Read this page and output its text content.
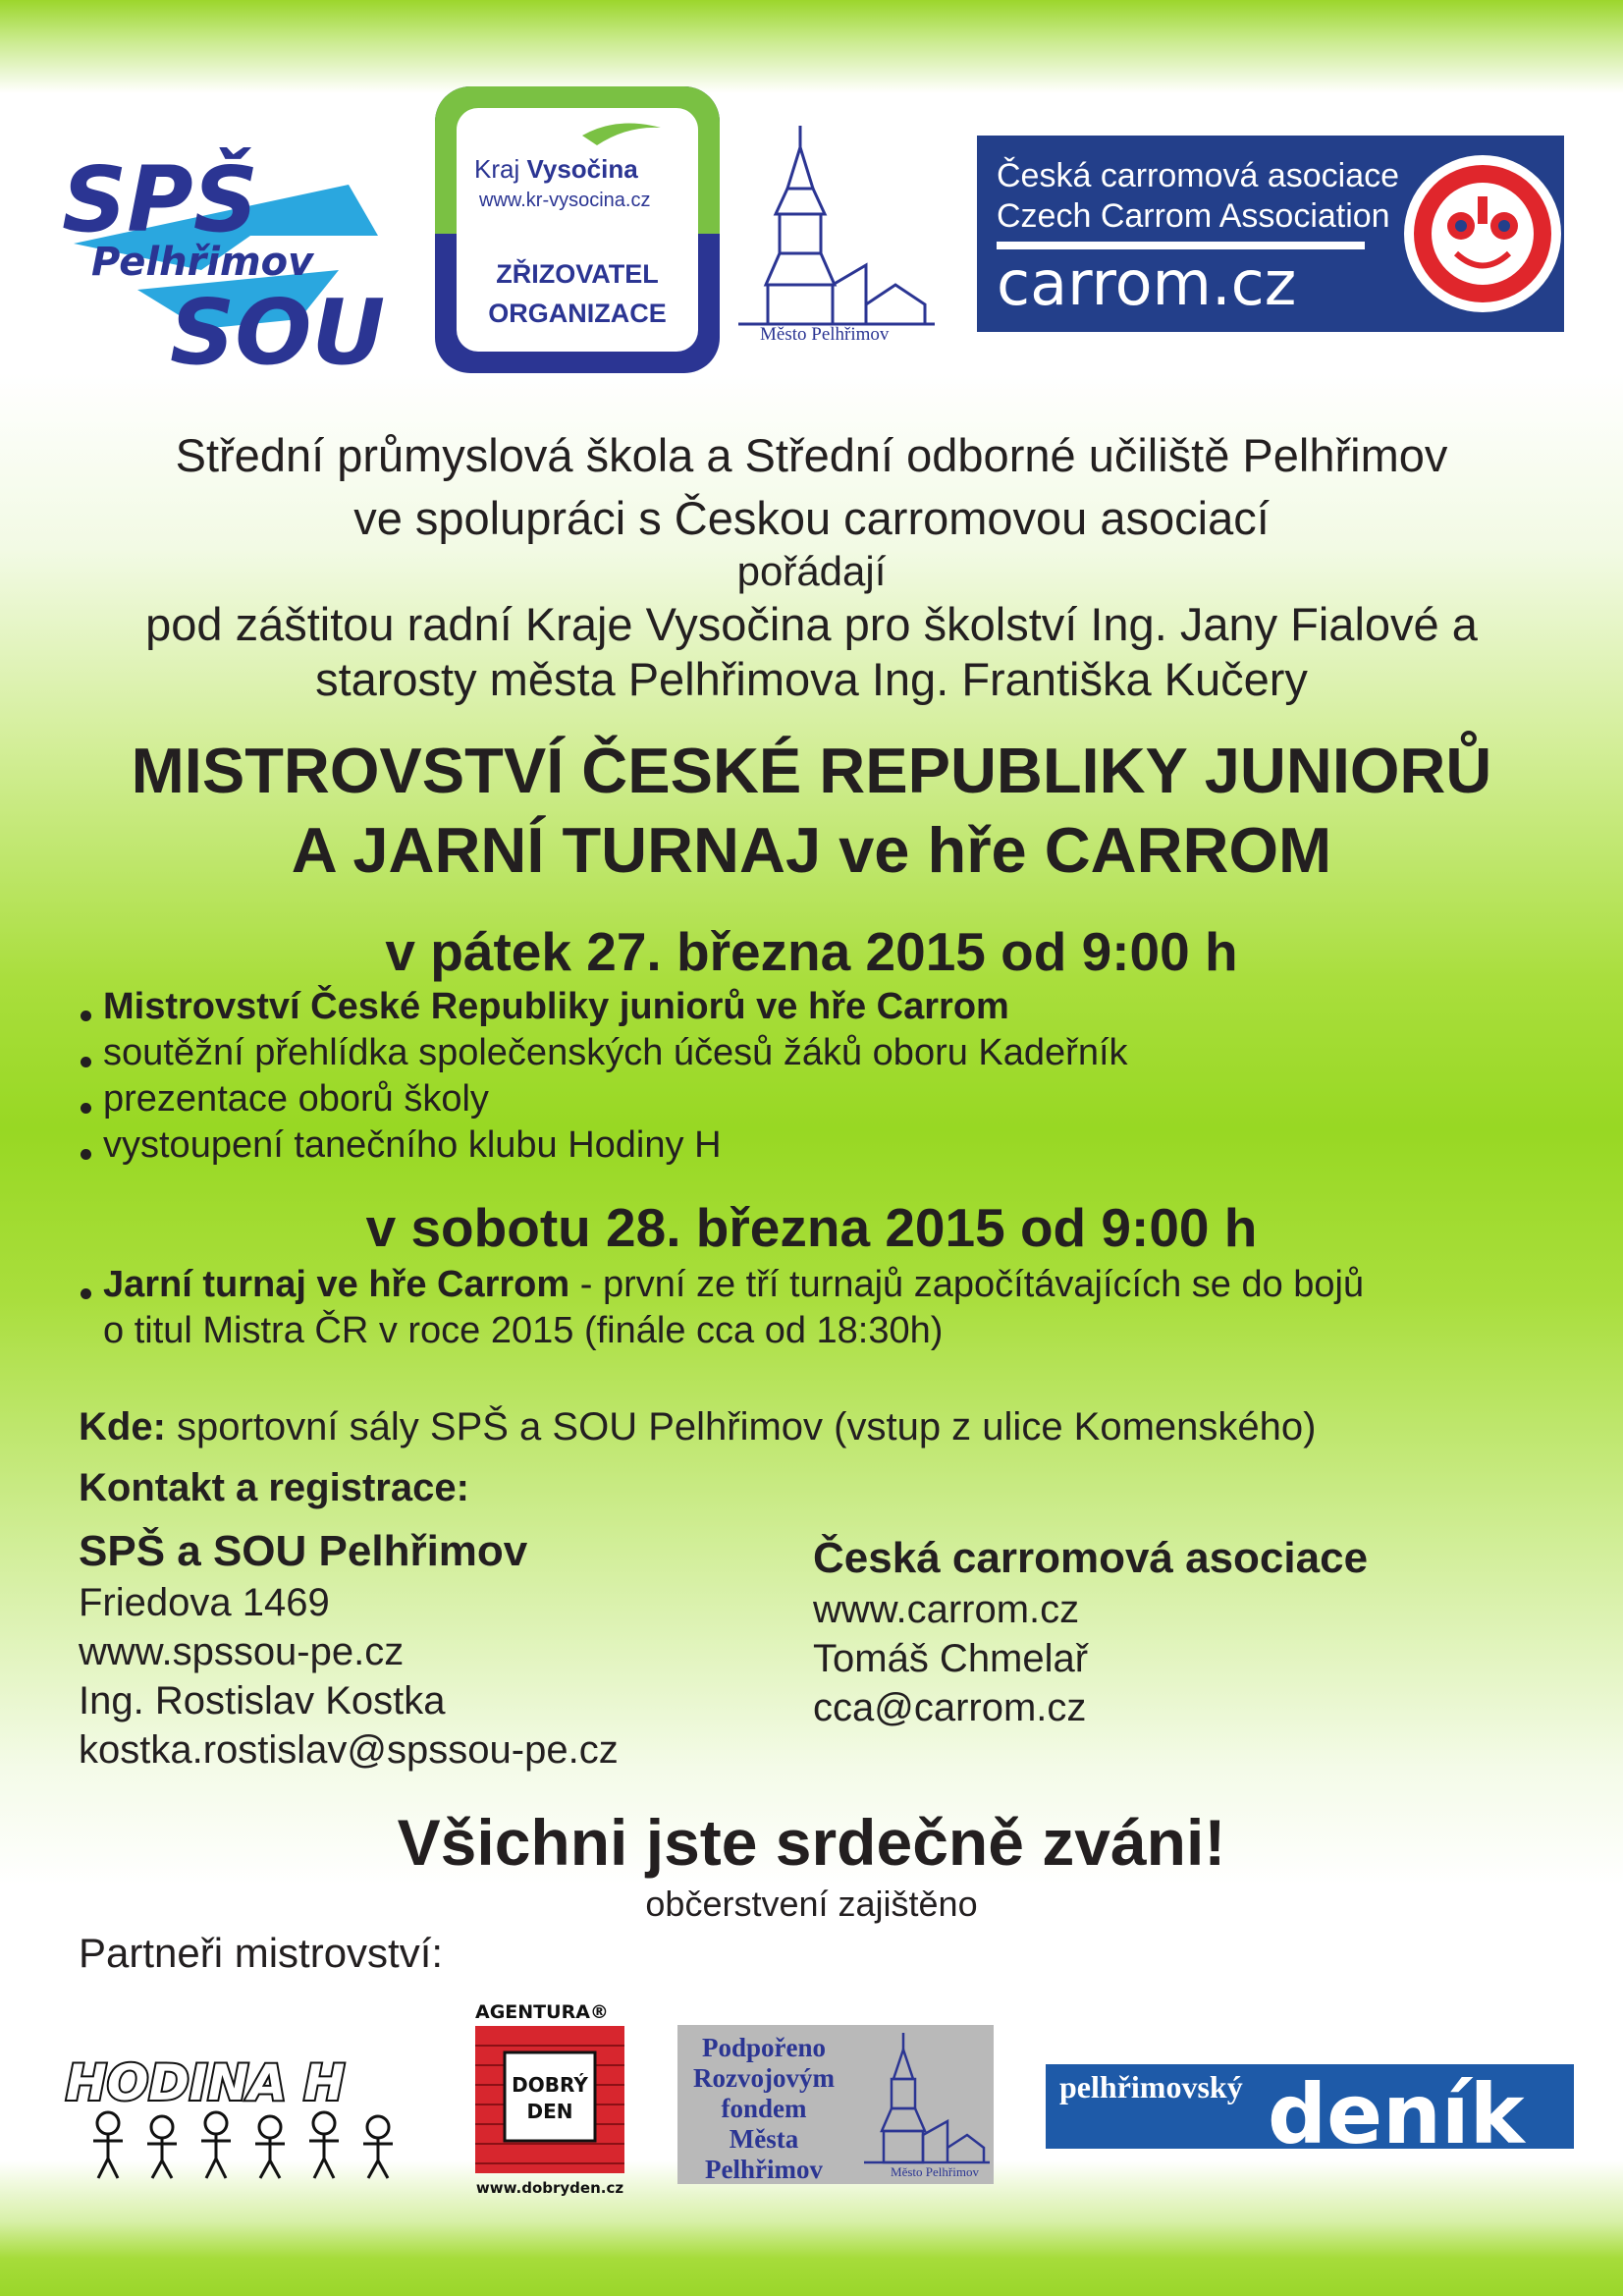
SPŠ
Pelhřimov
SOU
Kraj Vysočina
www.kr-vysocina.cz
ZŘIZOVATEL
ORGANIZACE
Město Pelhřimov
Česká carromová asociace
Czech Carrom Association
carrom.cz
Střední průmyslová škola a Střední odborné učiliště Pelhřimov
ve spolupráci s Českou carromovou asociací
pořádají
pod záštitou radní Kraje Vysočina pro školství Ing. Jany Fialové a
starosty města Pelhřimova Ing. Františka Kučery
MISTROVSTVÍ ČESKÉ REPUBLIKY JUNIORŮ
A JARNÍ TURNAJ ve hře CARROM
v pátek 27. března 2015 od 9:00 h
Mistrovství České Republiky juniorů ve hře Carrom
soutěžní přehlídka společenských účesů žáků oboru Kadeřník
prezentace oborů školy
vystoupení tanečního klubu Hodiny H
v sobotu 28. března 2015 od 9:00 h
Jarní turnaj ve hře Carrom - první ze tří turnajů započítávajících se do bojů
o titul Mistra ČR v roce 2015 (finále cca od 18:30h)
Kde: sportovní sály SPŠ a SOU Pelhřimov (vstup z ulice Komenského)
Kontakt a registrace:
SPŠ a SOU Pelhřimov
Friedova 1469
www.spssou-pe.cz
Ing. Rostislav Kostka
kostka.rostislav@spssou-pe.cz
Česká carromová asociace
www.carrom.cz
Tomáš Chmelař
cca@carrom.cz
Všichni jste srdečně zváni!
občerstvení zajištěno
Partneři mistrovství:
HODINA H
AGENTURA®
DOBRÝ
DEN
www.dobryden.cz
Podpořeno
Rozvojovým
fondem
Města
Pelhřimov	Město Pelhřimov
pelhřimovský deník
